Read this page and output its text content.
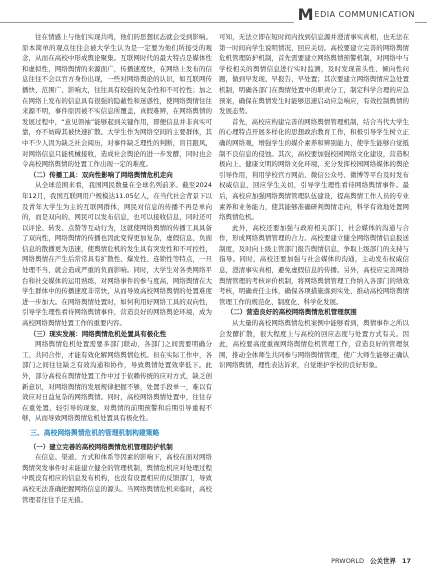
M EDIA COMMUNICATION

往在情感上与他们实现共鸣，他们的思想状态就会受到影响。原本简单的观点往往会被大学生认为是一定要为他们所接受的观念，从而在高校中形成舆论聚集。互联网时代的最大特点是媒体性和虚拟性，网络舆情的来源面广，传播速度快，在网络上发布的信息往往不会以官方身份出现，一些对网络舆论的认识，如互联网传播快、范围广、影响大，往往具有较强的复杂性和不可控性；加之在网络上发布的信息具有很强的隐蔽性和迷惑性，使网络舆情往往来源不明，事件原因被不实信息所覆盖，真假难辨，在网络舆情的发展过程中，“意见领袖”能够起到关键作用，即便信息并非真实可靠，亦不妨碍其被快速扩散。大学生作为网络空间的主要群体，其中不少人因为缺乏社会阅历，对事件缺乏理性的判断，盲目跟风，对网络信息只能机械接收，造成社会舆论的进一步发酵，同时也会令高校网络舆情的处置工作出现一定的难度。

（二）传播工具：双向性影响了网络舆情危机走向

从全球范围来看，我国网民数量在全球名列前茅。截至2024年12月，我国互联网用户规模达11.05亿人，在当代社会背景下以及青年大学生为主的互联网群体，网民对信息的传播不再是单向的，而是双向的，网民可以发布信息，也可以接收信息，同时还可以评论、转发、点赞等互动行为，这就使网络舆情的传播工具具备了双向性，网络舆情的传播也因此变得更加复杂，虚假信息、负面信息的散播更为迅速，使舆情危机的发生具有突发性和不可控性，网络舆情在产生后常常具有扩散性、爆发性、连锁性等特点，一旦处理不当，就会造成严重的负面影响。同时，大学生对各类网络平台和社交媒体的运用熟练，对网络事件的参与度高，网络舆情在大学生群体中的传播速度非常快，从而导致高校网络舆情的处置难度进一步加大。在网络舆情处置时，如何利用好网络工具的双向性，引导学生理性看待网络舆情事件，营造良好的网络舆论环境，成为高校网络舆情处置工作的重要内容。

（三）现实发展：网络舆情危机处置具有极化性

网络舆情危机处置需要多部门联动，各部门之间需要明确分工、共同合作，才能有效化解网络舆情危机。但在实际工作中，各部门之间往往缺乏有效沟通和协作，导致舆情处置效率低下。此外，部分高校在舆情处置工作中过于依赖传统的应对方式，缺乏创新意识，对网络舆情的发展规律把握不够，处置手段单一，难以有效应对日益复杂的网络舆情。同时，高校网络舆情处置中，往往存在重处置、轻引导的现象，对舆情的前期预警和后期引导重视不够，从而导致网络舆情危机处置具有极化性。

三、高校网络舆情危机的管理机制构建策略
（一）建立完善的高校网络舆情危机管理防护机制

在信息、渠道、方式和体系等因素的影响下，高校在面对网络舆情突发事件时未能建立健全的管理机制，舆情危机应对处理过程中既没有相应的信息发布机构，也没有设置相应的反馈部门，导致高校无法准确把握网络信息的源头。当网络舆情危机来临时，高校管理者往往手足无措。

可知，无法立即在短时间内找到信息源并澄清事实真相，也无法在第一时间向学生说明情况、回应关切。高校要建立完善的网络舆情危机管理防护机制，首先需要建立网络舆情预警机制，对网络中与学校相关的舆情信息进行实时监测，及时发现苗头性、倾向性问题，做到早发现、早报告、早处置；其次要建立网络舆情应急处置机制，明确各部门在舆情处置中的职责分工，制定科学合理的应急预案，确保在舆情发生时能够迅速启动应急响应，有效控制舆情的发展态势。

首先，高校应构建完善的网络舆情管理机制，结合当代大学生的心理特点开展多样化的思想政治教育工作，积极引导学生树立正确的网络观，增强学生的媒介素养和辨别能力，使学生能够自觉抵制不良信息的侵蚀。其次，高校要加强校园网络文化建设，营造积极向上、健康文明的网络文化环境，充分发挥校园网络媒体的舆论引导作用，利用学校官方网站、微信公众号、微博等平台及时发布权威信息，回应学生关切，引导学生理性看待网络舆情事件。最后，高校应加强网络舆情管理队伍建设，提高舆情工作人员的专业素养和业务能力，使其能够准确研判舆情走向，科学有效地处置网络舆情危机。

此外，高校还要加强与政府相关部门、社会媒体的沟通与合作，形成网络舆情管理的合力。高校要建立健全网络舆情信息报送制度，及时向上级主管部门报告舆情信息，争取上级部门的支持与指导。同时，高校还要加强与社会媒体的沟通，主动发布权威信息，澄清事实真相，避免虚假信息的传播。另外，高校应完善网络舆情管理的考核评价机制，将网络舆情管理工作纳入各部门的绩效考核，明确责任主体，确保各项措施落到实处，推动高校网络舆情管理工作的规范化、制度化、科学化发展。

（二）营造良好的高校网络舆情危机管理氛围

从大量的高校网络舆情危机案例中能够看到，舆情事件之所以会发酵扩散，很大程度上与高校的回应态度与处置方式有关。因此，高校要高度重视网络舆情危机管理工作，营造良好的管理氛围，推动全体师生共同参与网络舆情管理，使广大师生能够正确认识网络舆情，理性表达诉求，自觉维护学校的良好形象。

PRWORLD 公关世界 17
